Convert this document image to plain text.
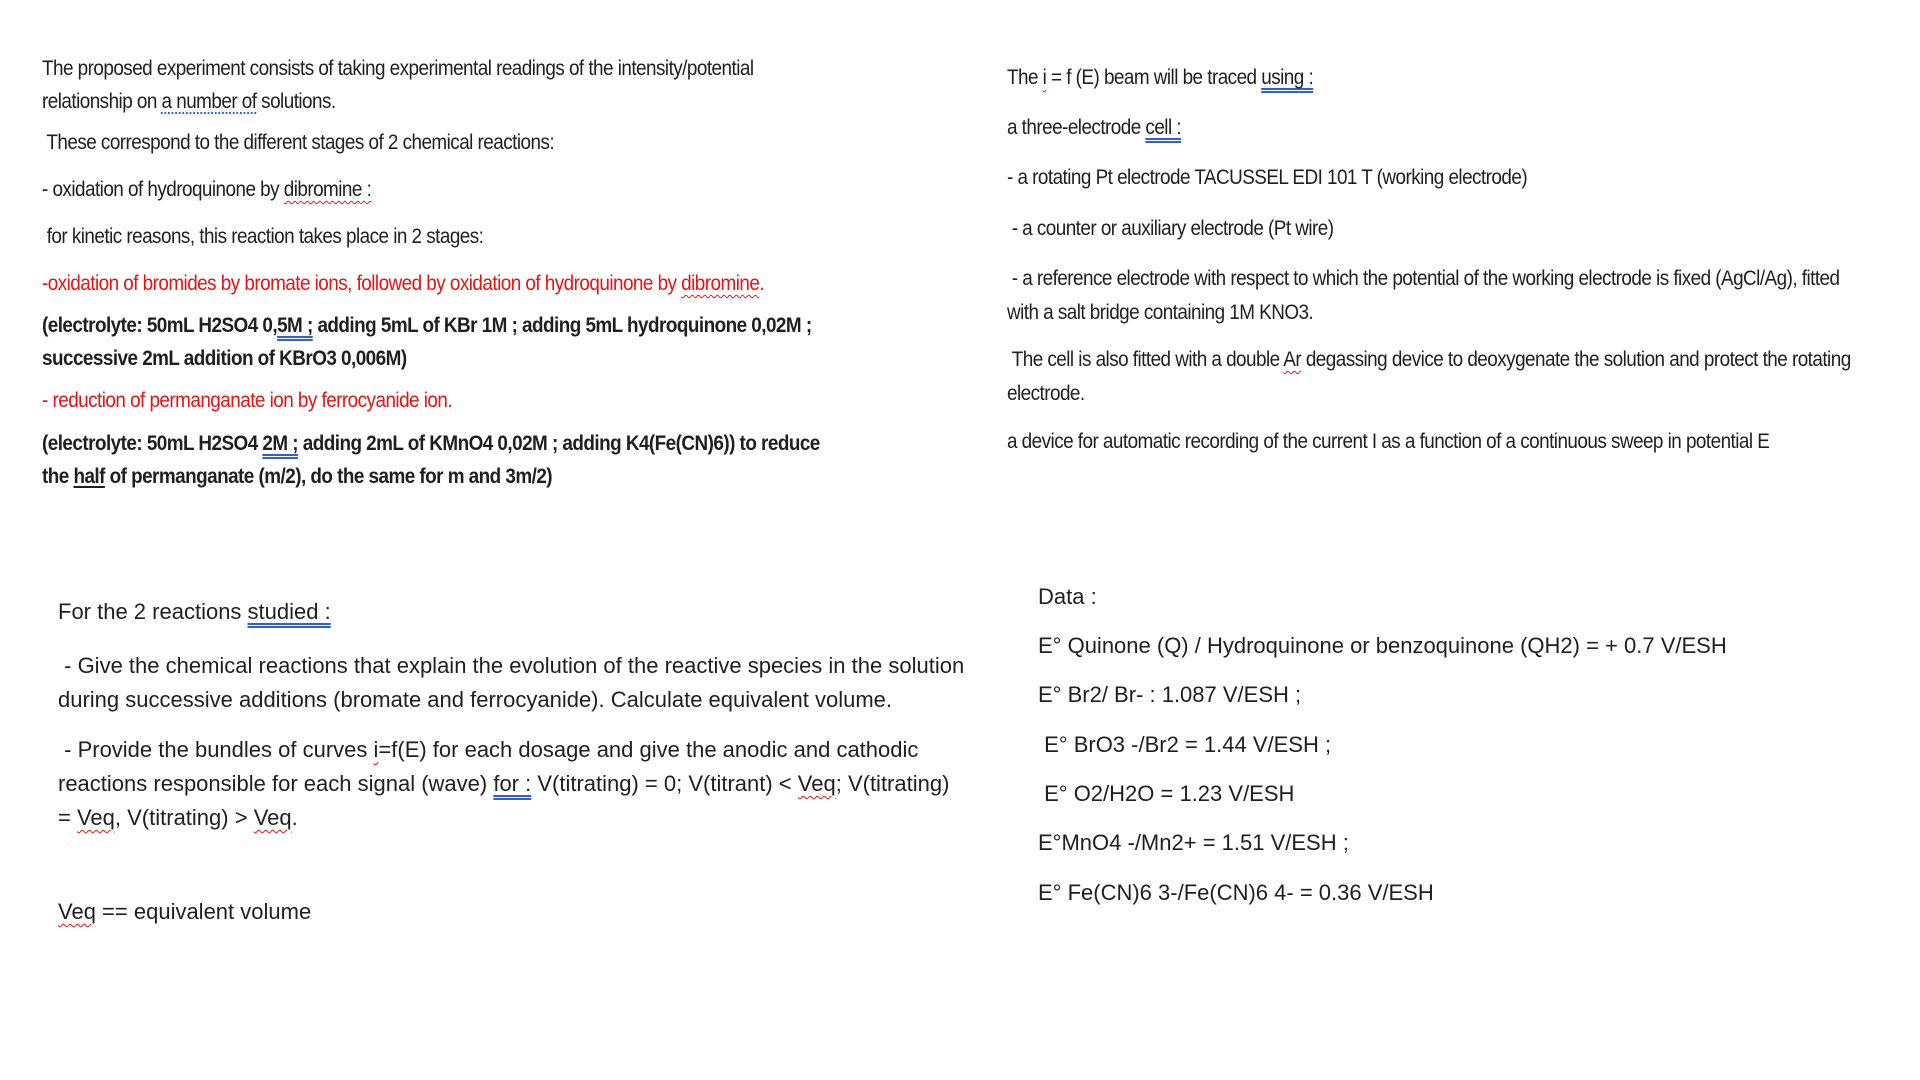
The proposed experiment consists of taking experimental readings of the intensity/potential relationship on a number of solutions.

These correspond to the different stages of 2 chemical reactions:

- oxidation of hydroquinone by dibromine :

for kinetic reasons, this reaction takes place in 2 stages:

-oxidation of bromides by bromate ions, followed by oxidation of hydroquinone by dibromine.

(electrolyte: 50mL H2SO4 0,5M ; adding 5mL of KBr 1M ; adding 5mL hydroquinone 0,02M ; successive 2mL addition of KBrO3 0,006M)

- reduction of permanganate ion by ferrocyanide ion.

(electrolyte: 50mL H2SO4 2M ; adding 2mL of KMnO4 0,02M ; adding K4(Fe(CN)6)) to reduce the half of permanganate (m/2), do the same for m and 3m/2)

The i = f (E) beam will be traced using :

a three-electrode cell :

- a rotating Pt electrode TACUSSEL EDI 101 T (working electrode)

- a counter or auxiliary electrode (Pt wire)

- a reference electrode with respect to which the potential of the working electrode is fixed (AgCl/Ag), fitted with a salt bridge containing 1M KNO3.

The cell is also fitted with a double Ar degassing device to deoxygenate the solution and protect the rotating electrode.

a device for automatic recording of the current I as a function of a continuous sweep in potential E

For the 2 reactions studied :

- Give the chemical reactions that explain the evolution of the reactive species in the solution during successive additions (bromate and ferrocyanide). Calculate equivalent volume.

- Provide the bundles of curves i=f(E) for each dosage and give the anodic and cathodic reactions responsible for each signal (wave) for : V(titrating) = 0; V(titrant) < Veq; V(titrating) = Veq, V(titrating) > Veq.

Veq == equivalent volume

Data :

E° Quinone (Q) / Hydroquinone or benzoquinone (QH2) = + 0.7 V/ESH

E° Br2/ Br- : 1.087 V/ESH ;

E° BrO3 -/Br2 = 1.44 V/ESH ;

E° O2/H2O = 1.23 V/ESH

E°MnO4 -/Mn2+ = 1.51 V/ESH ;

E° Fe(CN)6 3-/Fe(CN)6 4- = 0.36 V/ESH
